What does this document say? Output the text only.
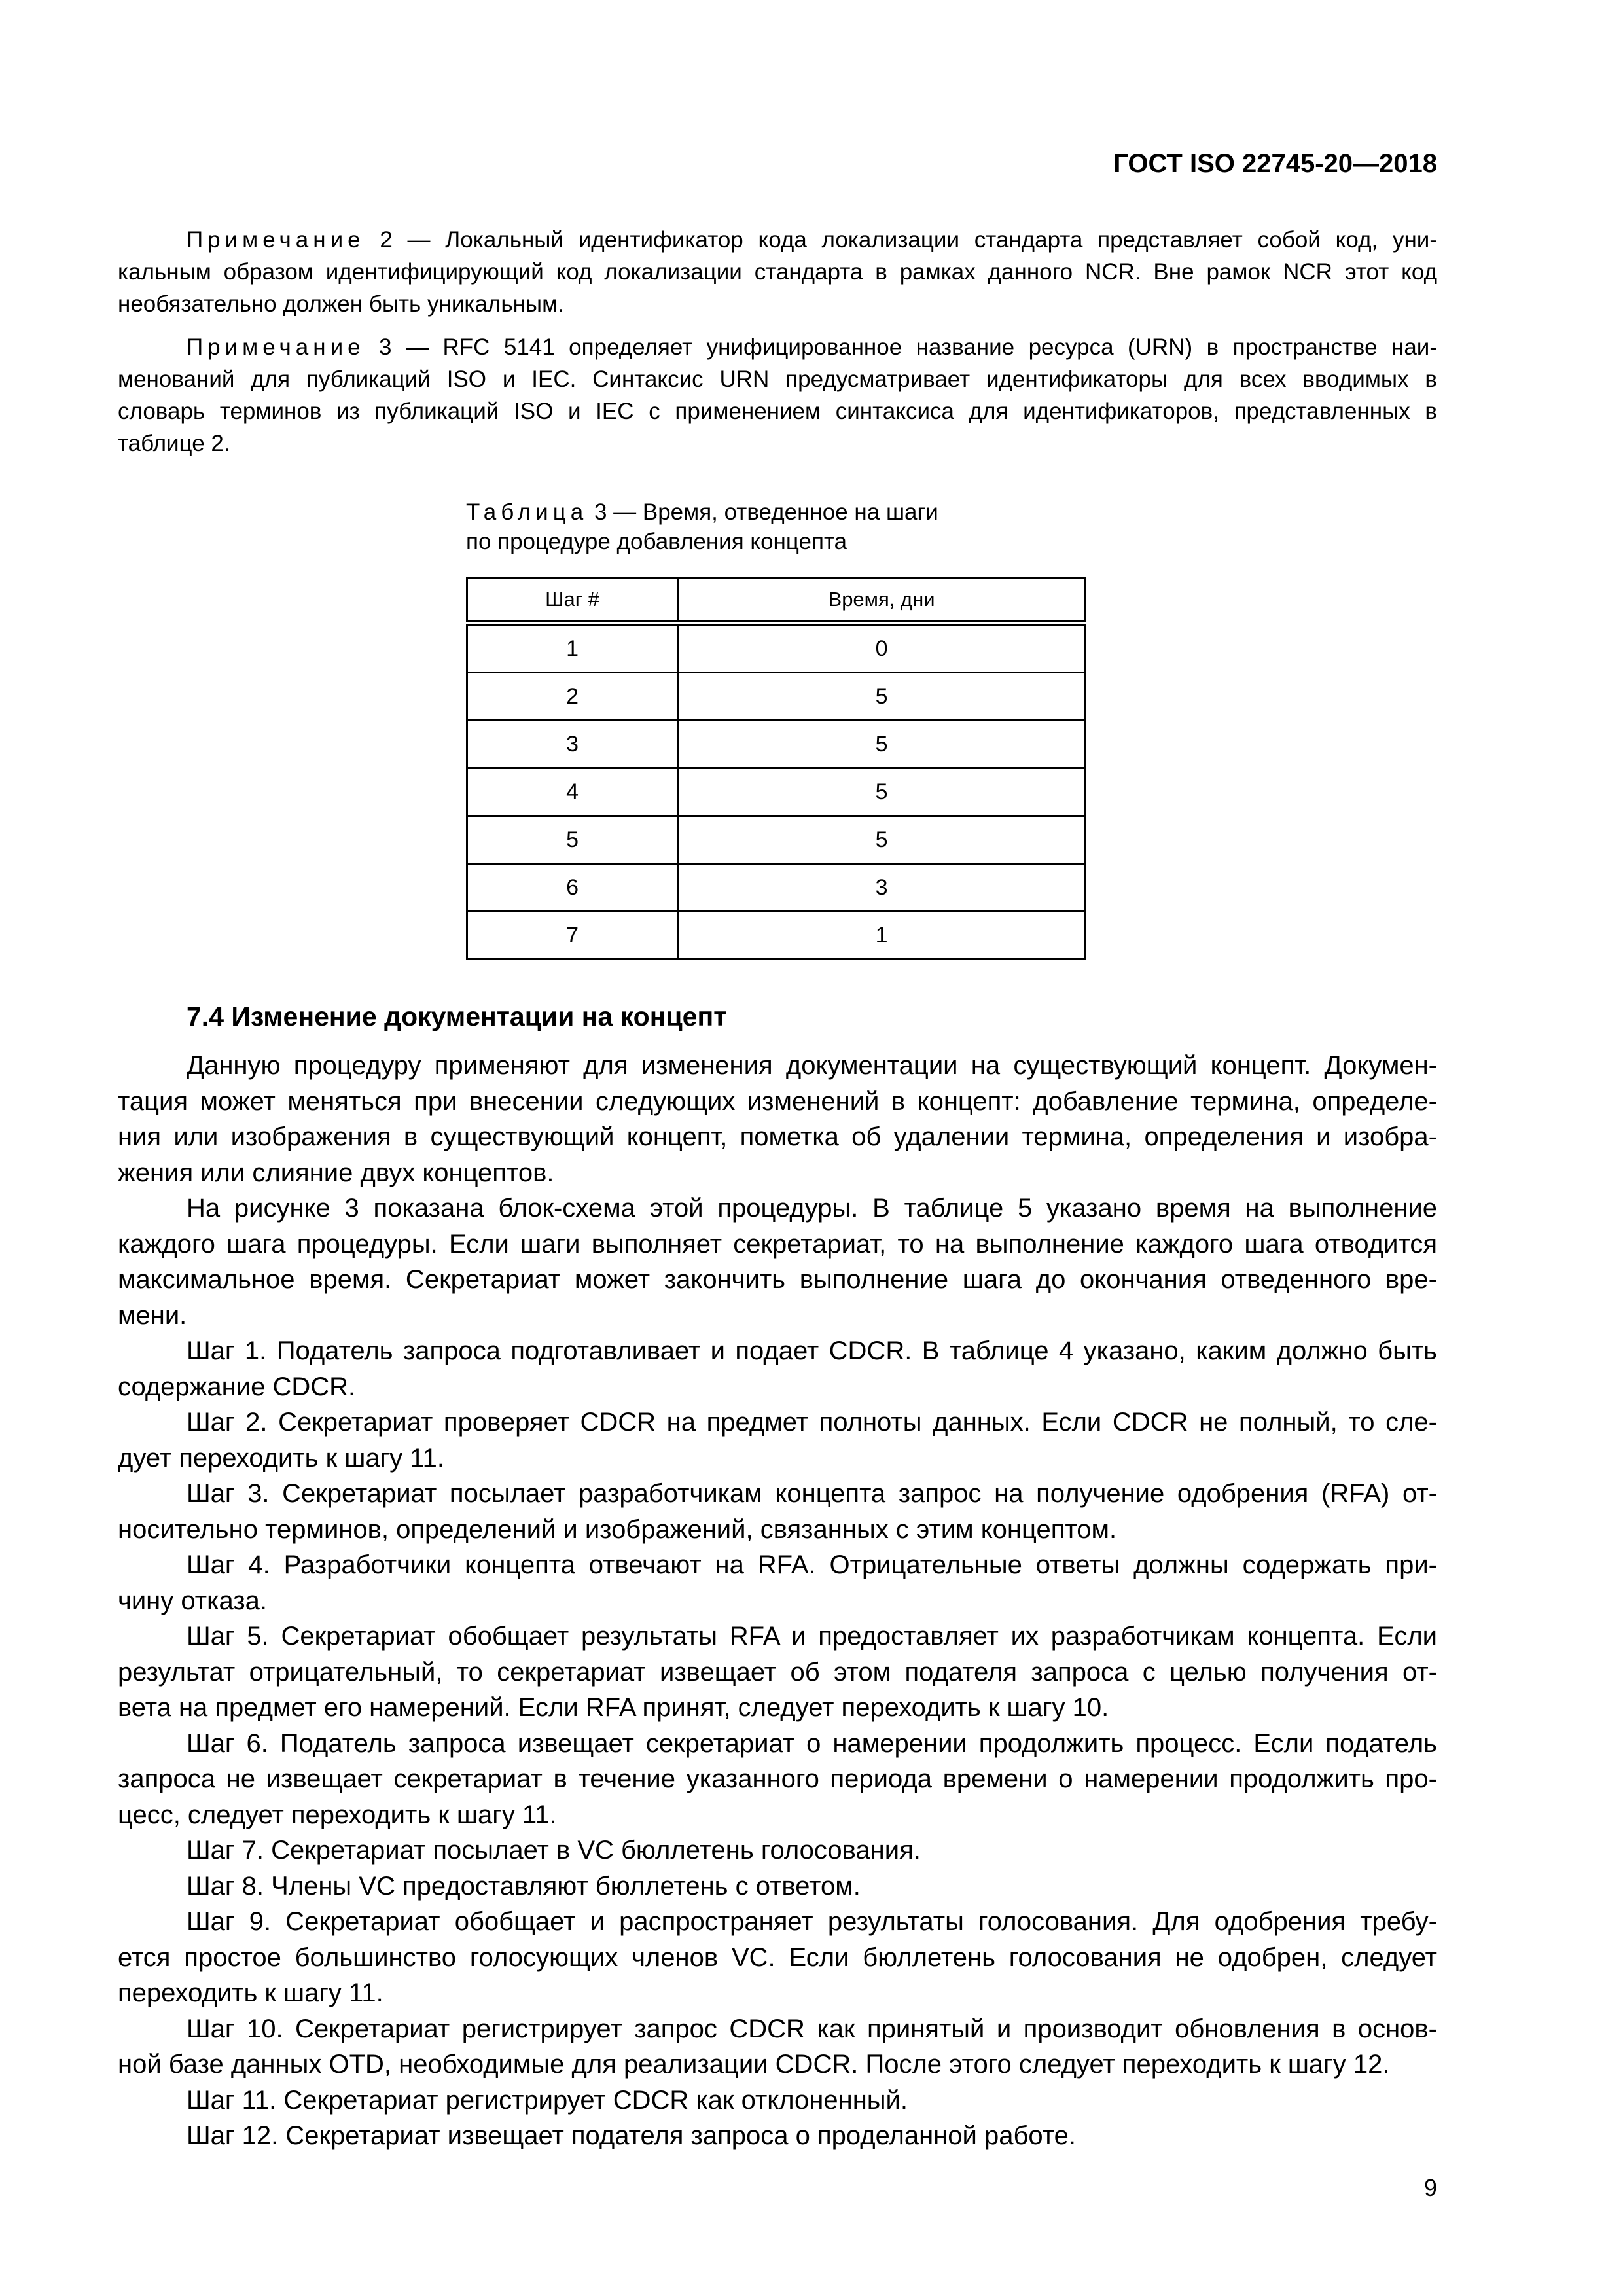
ГОСТ ISO 22745-20—2018
Примечание 2 — Локальный идентификатор кода локализации стандарта представляет собой код, уни-
кальным образом идентифицирующий код локализации стандарта в рамках данного NCR. Вне рамок NCR этот код
необязательно должен быть уникальным.
Примечание 3 — RFC 5141 определяет унифицированное название ресурса (URN) в пространстве наи-
менований для публикаций ISO и IEC. Синтаксис URN предусматривает идентификаторы для всех вводимых в
словарь терминов из публикаций ISO и IEC с применением синтаксиса для идентификаторов, представленных в
таблице 2.
Таблица 3 — Время, отведенное на шаги
по процедуре добавления концепта
Шаг #	Время, дни
1	0
2	5
3	5
4	5
5	5
6	3
7	1
7.4 Изменение документации на концепт
Данную процедуру применяют для изменения документации на существующий концепт. Докумен-
тация может меняться при внесении следующих изменений в концепт: добавление термина, определе-
ния или изображения в существующий концепт, пометка об удалении термина, определения и изобра-
жения или слияние двух концептов.
На рисунке 3 показана блок-схема этой процедуры. В таблице 5 указано время на выполнение
каждого шага процедуры. Если шаги выполняет секретариат, то на выполнение каждого шага отводится
максимальное время. Секретариат может закончить выполнение шага до окончания отведенного вре-
мени.
Шаг 1. Податель запроса подготавливает и подает CDCR. В таблице 4 указано, каким должно быть
содержание CDCR.
Шаг 2. Секретариат проверяет CDCR на предмет полноты данных. Если CDCR не полный, то сле-
дует переходить к шагу 11.
Шаг 3. Секретариат посылает разработчикам концепта запрос на получение одобрения (RFA) от-
носительно терминов, определений и изображений, связанных с этим концептом.
Шаг 4. Разработчики концепта отвечают на RFA. Отрицательные ответы должны содержать при-
чину отказа.
Шаг 5. Секретариат обобщает результаты RFA и предоставляет их разработчикам концепта. Если
результат отрицательный, то секретариат извещает об этом подателя запроса с целью получения от-
вета на предмет его намерений. Если RFA принят, следует переходить к шагу 10.
Шаг 6. Податель запроса извещает секретариат о намерении продолжить процесс. Если податель
запроса не извещает секретариат в течение указанного периода времени о намерении продолжить про-
цесс, следует переходить к шагу 11.
Шаг 7. Секретариат посылает в VC бюллетень голосования.
Шаг 8. Члены VC предоставляют бюллетень с ответом.
Шаг 9. Секретариат обобщает и распространяет результаты голосования. Для одобрения требу-
ется простое большинство голосующих членов VC. Если бюллетень голосования не одобрен, следует
переходить к шагу 11.
Шаг 10. Секретариат регистрирует запрос CDCR как принятый и производит обновления в основ-
ной базе данных OTD, необходимые для реализации CDCR. После этого следует переходить к шагу 12.
Шаг 11. Секретариат регистрирует CDCR как отклоненный.
Шаг 12. Секретариат извещает подателя запроса о проделанной работе.
9
